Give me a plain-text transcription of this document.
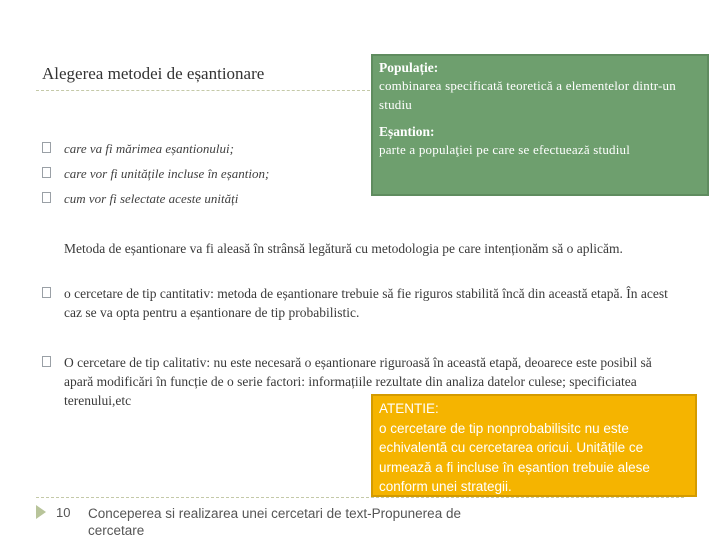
Alegerea metodei de eșantionare	Populație:
combinarea specificată teoretică a elementelor dintr-un studiu
Eșantion:
parte a populaţiei pe care se efectuează studiul
care va fi mărimea eșantionului;
care vor fi unitățile incluse în eșantion;
cum vor fi selectate aceste unități
Metoda de eșantionare va fi aleasă în strânsă legătură cu metodologia pe care intenționăm să o aplicăm.
o cercetare de tip cantitativ: metoda de eșantionare trebuie să fie riguros stabilită încă din această etapă. În acest caz se va opta pentru a eșantionare de tip probabilistic.
O cercetare de tip calitativ: nu este necesară o eșantionare riguroasă în această etapă, deoarece este posibil să apară modificări în funcție de o serie factori: informațiile rezultate din analiza datelor culese; specificiatea terenului,etc
ATENTIE:
o cercetare de tip nonprobabilisitc nu este echivalentă cu cercetarea oricui. Unitățile ce urmează a fi incluse în eșantion trebuie alese conform unei strategii.
10 Conceperea si realizarea unei cercetari de text-Propunerea de cercetare
